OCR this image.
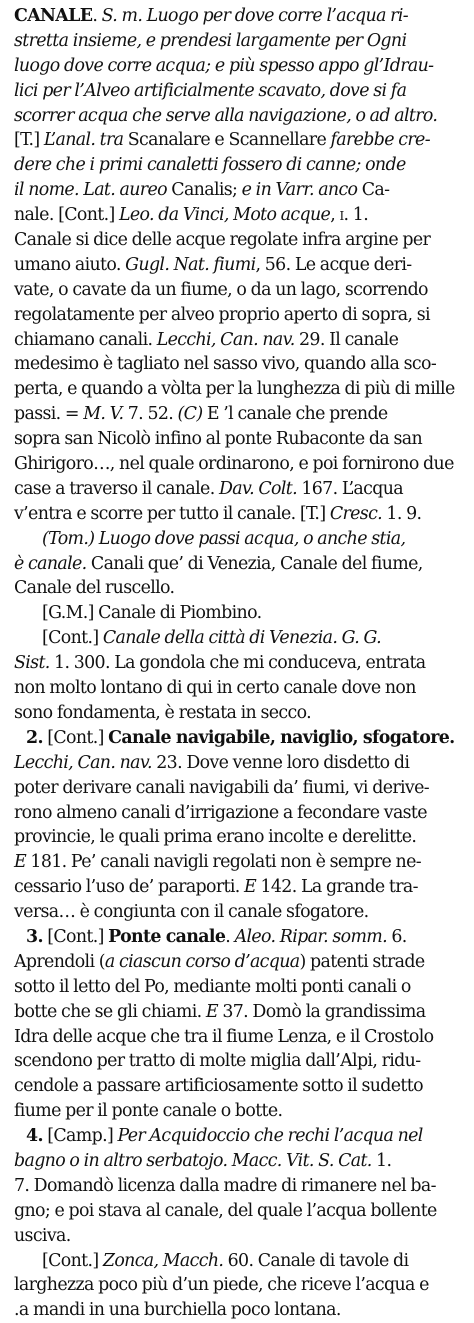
CANALE. S. m. Luogo per dove corre l’acqua ri-
stretta insieme, e prendesi largamente per Ogni
luogo dove corre acqua; e più spesso appo gl’Idrau-
lici per l’Alveo artificialmente scavato, dove si fa
scorrer acqua che serve alla navigazione, o ad altro.
[T.] L’anal. tra Scanalare e Scannellare farebbe cre-
dere che i primi canaletti fossero di canne; onde
il nome. Lat. aureo Canalis; e in Varr. anco Ca-
nale. [Cont.] Leo. da Vinci, Moto acque, i. 1.
Canale si dice delle acque regolate infra argine per
umano aiuto. Gugl. Nat. fiumi, 56. Le acque deri-
vate, o cavate da un fiume, o da un lago, scorrendo
regolatamente per alveo proprio aperto di sopra, si
chiamano canali. Lecchi, Can. nav. 29. Il canale
medesimo è tagliato nel sasso vivo, quando alla sco-
perta, e quando a vòlta per la lunghezza di più di mille
passi. = M. V. 7. 52. (C) E ’l canale che prende
sopra san Nicolò infino al ponte Rubaconte da san
Ghirigoro…, nel quale ordinarono, e poi fornirono due
case a traverso il canale. Dav. Colt. 167. L’acqua
v’entra e scorre per tutto il canale. [T.] Cresc. 1. 9.
(Tom.) Luogo dove passi acqua, o anche stia,
è canale. Canali que’ di Venezia, Canale del fiume,
Canale del ruscello.
[G.M.] Canale di Piombino.
[Cont.] Canale della città di Venezia. G. G.
Sist. 1. 300. La gondola che mi conduceva, entrata
non molto lontano di qui in certo canale dove non
sono fondamenta, è restata in secco.
2. [Cont.] Canale navigabile, naviglio, sfogatore.
Lecchi, Can. nav. 23. Dove venne loro disdetto di
poter derivare canali navigabili da’ fiumi, vi derive-
rono almeno canali d’irrigazione a fecondare vaste
provincie, le quali prima erano incolte e derelitte.
E 181. Pe’ canali navigli regolati non è sempre ne-
cessario l’uso de’ paraporti. E 142. La grande tra-
versa… è congiunta con il canale sfogatore.
3. [Cont.] Ponte canale. Aleo. Ripar. somm. 6.
Aprendoli (a ciascun corso d’acqua) patenti strade
sotto il letto del Po, mediante molti ponti canali o
botte che se gli chiami. E 37. Domò la grandissima
Idra delle acque che tra il fiume Lenza, e il Crostolo
scendono per tratto di molte miglia dall’Alpi, ridu-
cendole a passare artificiosamente sotto il sudetto
fiume per il ponte canale o botte.
4. [Camp.] Per Acquidoccio che rechi l’acqua nel
bagno o in altro serbatojo. Macc. Vit. S. Cat. 1.
7. Domandò licenza dalla madre di rimanere nel ba-
gno; e poi stava al canale, del quale l’acqua bollente
usciva.
[Cont.] Zonca, Macch. 60. Canale di tavole di
larghezza poco più d’un piede, che riceve l’acqua e
.a mandi in una burchiella poco lontana.
